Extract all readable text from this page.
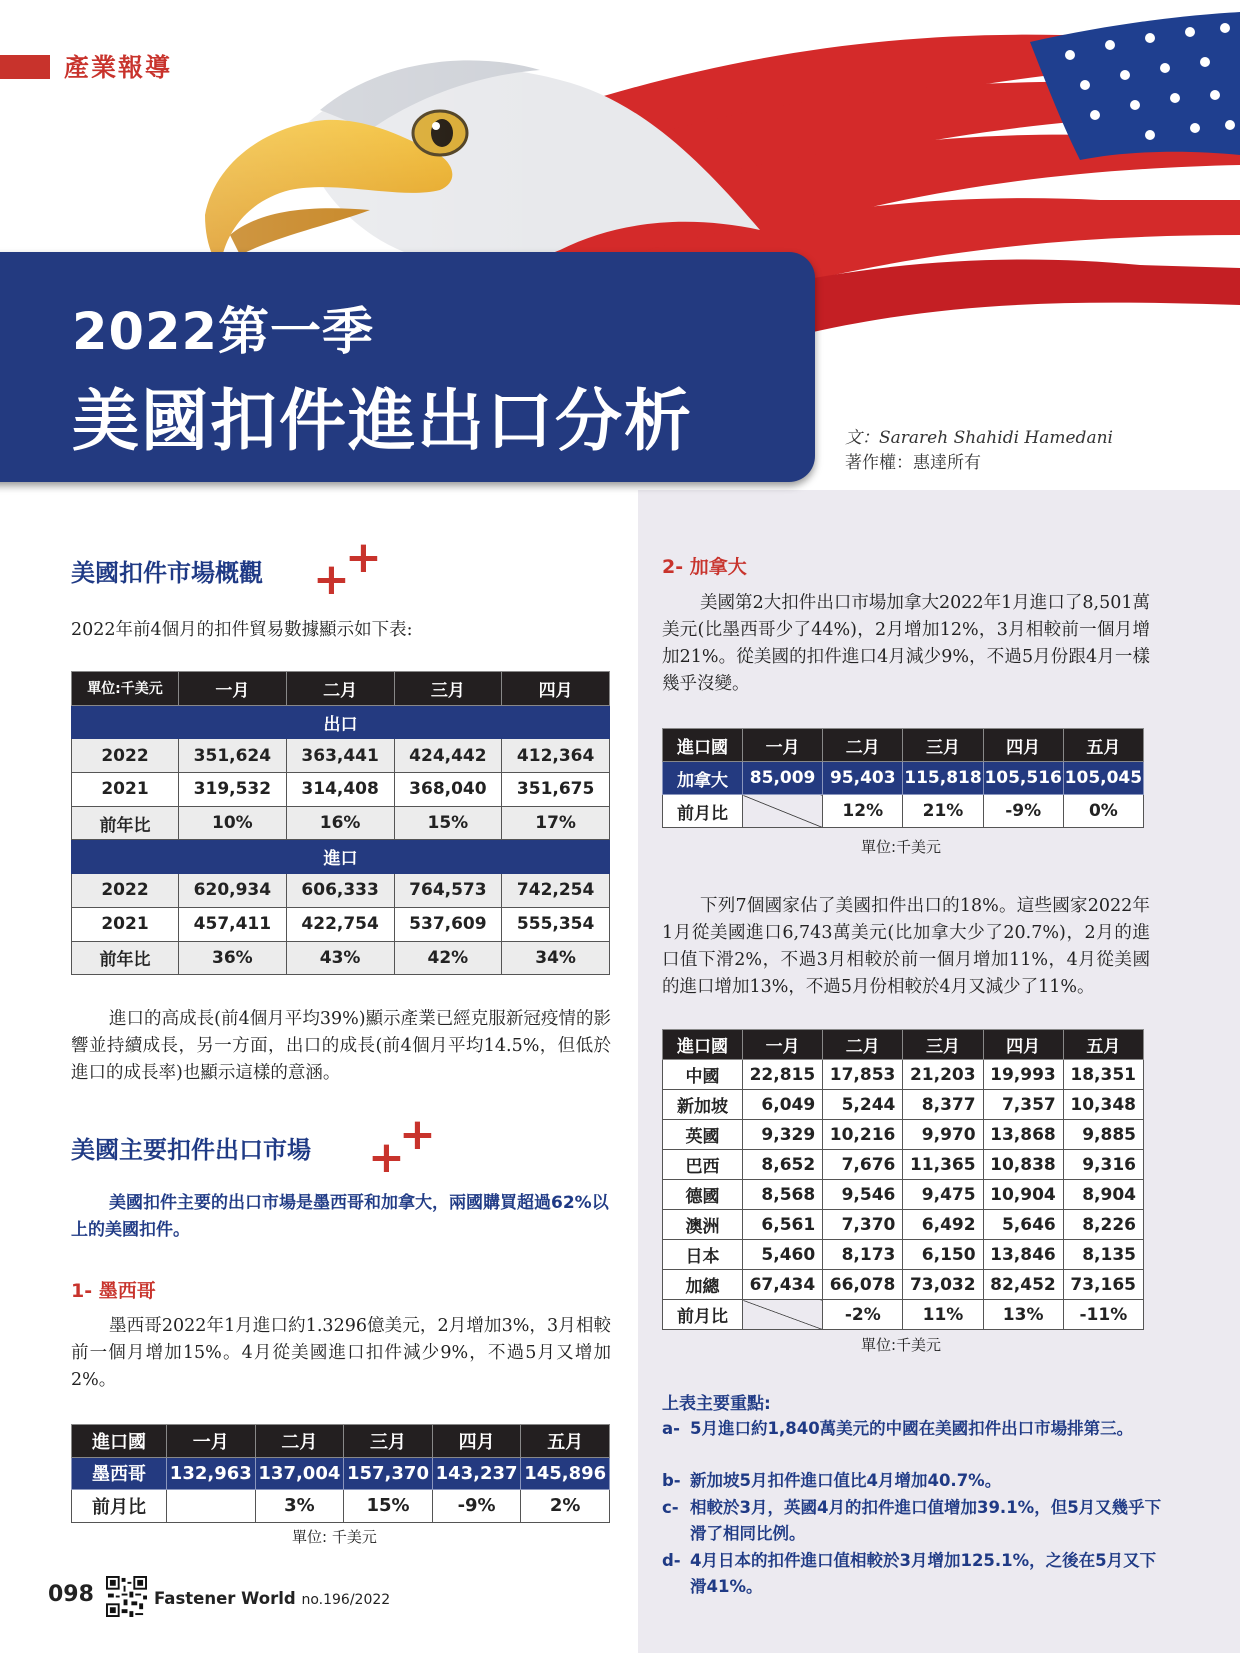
產業報導
2022第一季
美國扣件進出口分析	文：Sarareh Shahidi Hamedani
著作權：惠達所有
美國扣件市場概觀 +
+
2022年前4個月的扣件貿易數據顯示如下表:
單位:千美元	一月	二月	三月	四月
出口				
2022	351,624	363,441	424,442	412,364
2021	319,532	314,408	368,040	351,675
前年比	10%	16%	15%	17%
進口				
2022	620,934	606,333	764,573	742,254
2021	457,411	422,754	537,609	555,354
前年比	36%	43%	42%	34%
進口的高成長(前4個月平均39%)顯示產業已經克服新冠疫情的影響並持續成長，另一方面，出口的成長(前4個月平均14.5%，但低於進口的成長率)也顯示這樣的意涵。
美國主要扣件出口市場 +
+
美國扣件主要的出口市場是墨西哥和加拿大，兩國購買超過62%以上的美國扣件。
1- 墨西哥
墨西哥2022年1月進口約1.3296億美元，2月增加3%，3月相較前一個月增加15%。4月從美國進口扣件減少9%，不過5月又增加2%。
進口國	一月	二月	三月	四月	五月
墨西哥	132,963	137,004	157,370	143,237	145,896
前月比		3%	15%	-9%	2%
單位: 千美元
2- 加拿大
美國第2大扣件出口市場加拿大2022年1月進口了8,501萬美元(比墨西哥少了44%)，2月增加12%，3月相較前一個月增加21%。從美國的扣件進口4月減少9%，不過5月份跟4月一樣幾乎沒變。
進口國	一月	二月	三月	四月	五月
加拿大	85,009	95,403	115,818	105,516	105,045
前月比		12%	21%	-9%	0%
單位:千美元
下列7個國家佔了美國扣件出口的18%。這些國家2022年1月從美國進口6,743萬美元(比加拿大少了20.7%)，2月的進口值下滑2%，不過3月相較於前一個月增加11%，4月從美國的進口增加13%，不過5月份相較於4月又減少了11%。
進口國	一月	二月	三月	四月	五月
中國	22,815	17,853	21,203	19,993	18,351
新加坡	6,049	5,244	8,377	7,357	10,348
英國	9,329	10,216	9,970	13,868	9,885
巴西	8,652	7,676	11,365	10,838	9,316
德國	8,568	9,546	9,475	10,904	8,904
澳洲	6,561	7,370	6,492	5,646	8,226
日本	5,460	8,173	6,150	13,846	8,135
加總	67,434	66,078	73,032	82,452	73,165
前月比		-2%	11%	13%	-11%
單位:千美元
上表主要重點:
a- 5月進口約1,840萬美元的中國在美國扣件出口市場排第三。
b- 新加坡5月扣件進口值比4月增加40.7%。
c- 相較於3月，英國4月的扣件進口值增加39.1%，但5月又幾乎下滑了相同比例。
d- 4月日本的扣件進口值相較於3月增加125.1%，之後在5月又下滑41%。
098	Fastener World no.196/2022
